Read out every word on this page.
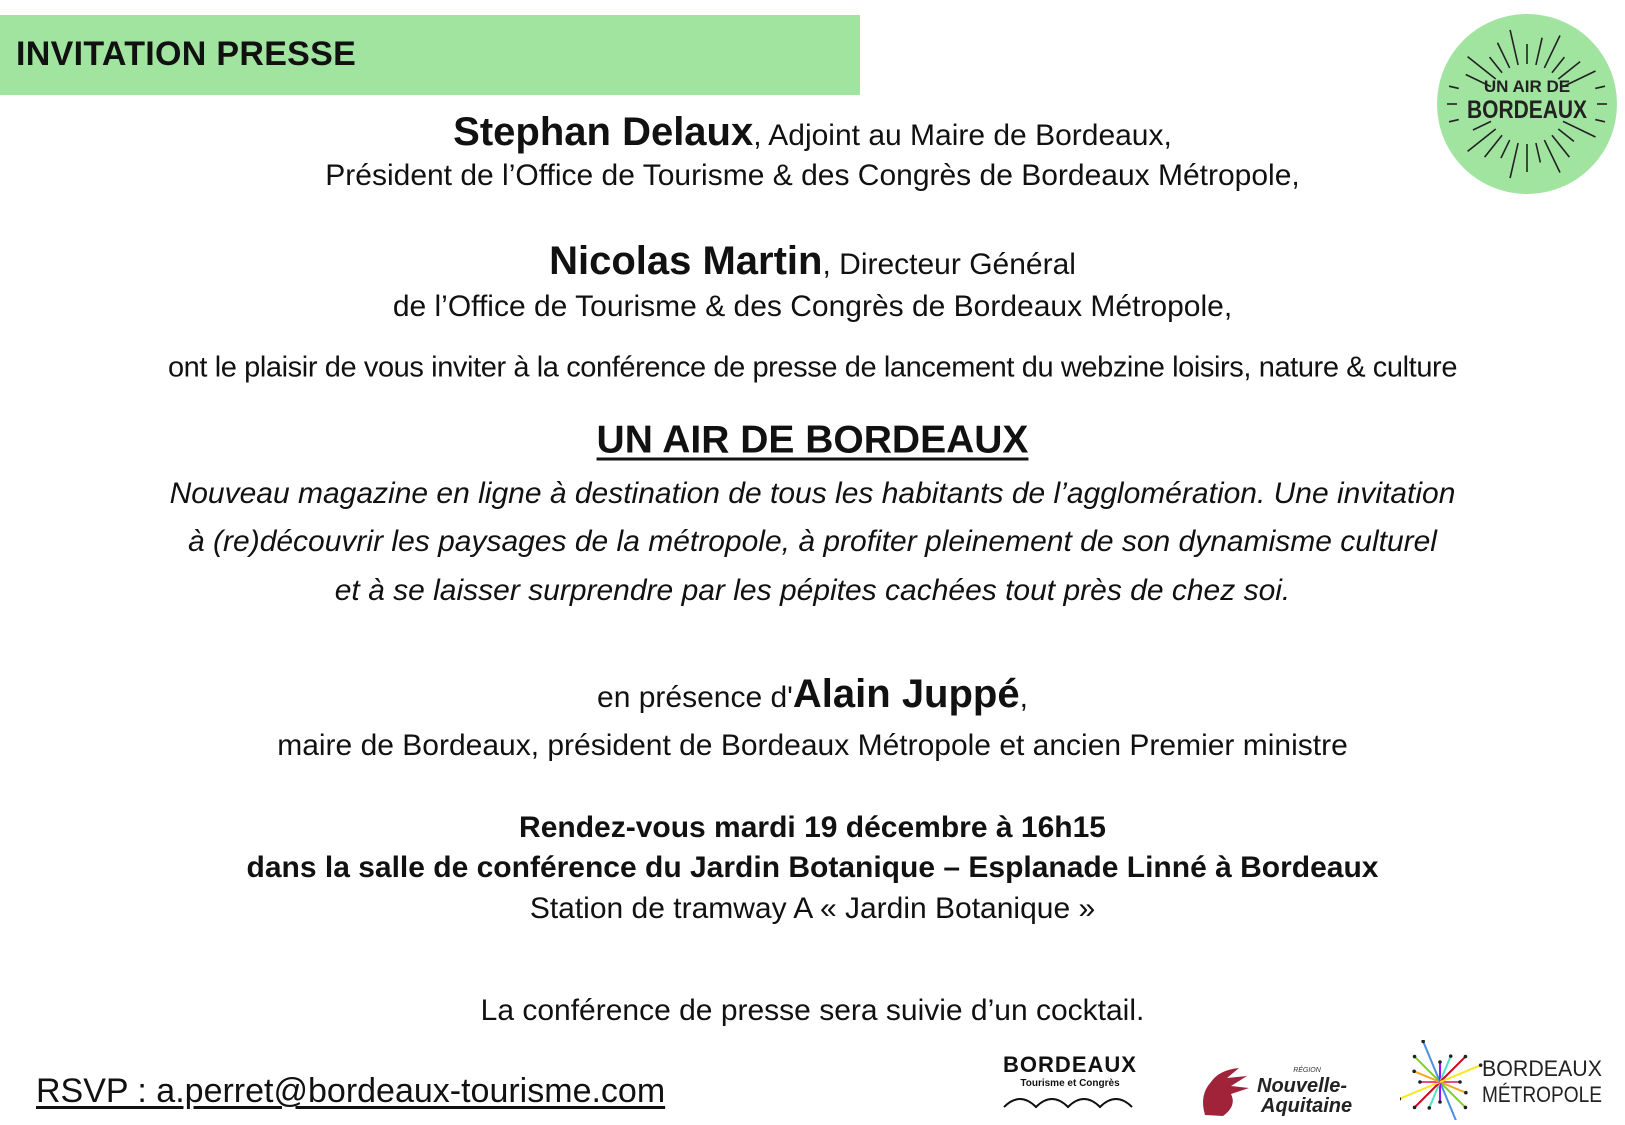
INVITATION PRESSE
UN AIR DE
BORDEAUX
Stephan Delaux, Adjoint au Maire de Bordeaux,
Président de l’Office de Tourisme & des Congrès de Bordeaux Métropole,
Nicolas Martin, Directeur Général
de l’Office de Tourisme & des Congrès de Bordeaux Métropole,
ont le plaisir de vous inviter à la conférence de presse de lancement du webzine loisirs, nature & culture
UN AIR DE BORDEAUX
Nouveau magazine en ligne à destination de tous les habitants de l’agglomération. Une invitation
à (re)découvrir les paysages de la métropole, à profiter pleinement de son dynamisme culturel
et à se laisser surprendre par les pépites cachées tout près de chez soi.
en présence d'Alain Juppé,
maire de Bordeaux, président de Bordeaux Métropole et ancien Premier ministre
Rendez-vous mardi 19 décembre à 16h15
dans la salle de conférence du Jardin Botanique – Esplanade Linné à Bordeaux
Station de tramway A « Jardin Botanique »
La conférence de presse sera suivie d’un cocktail.
RSVP : a.perret@bordeaux-tourisme.com
BORDEAUX
Tourisme et Congrès
RÉGION
Nouvelle-
Aquitaine
BORDEAUX
MÉTROPOLE
